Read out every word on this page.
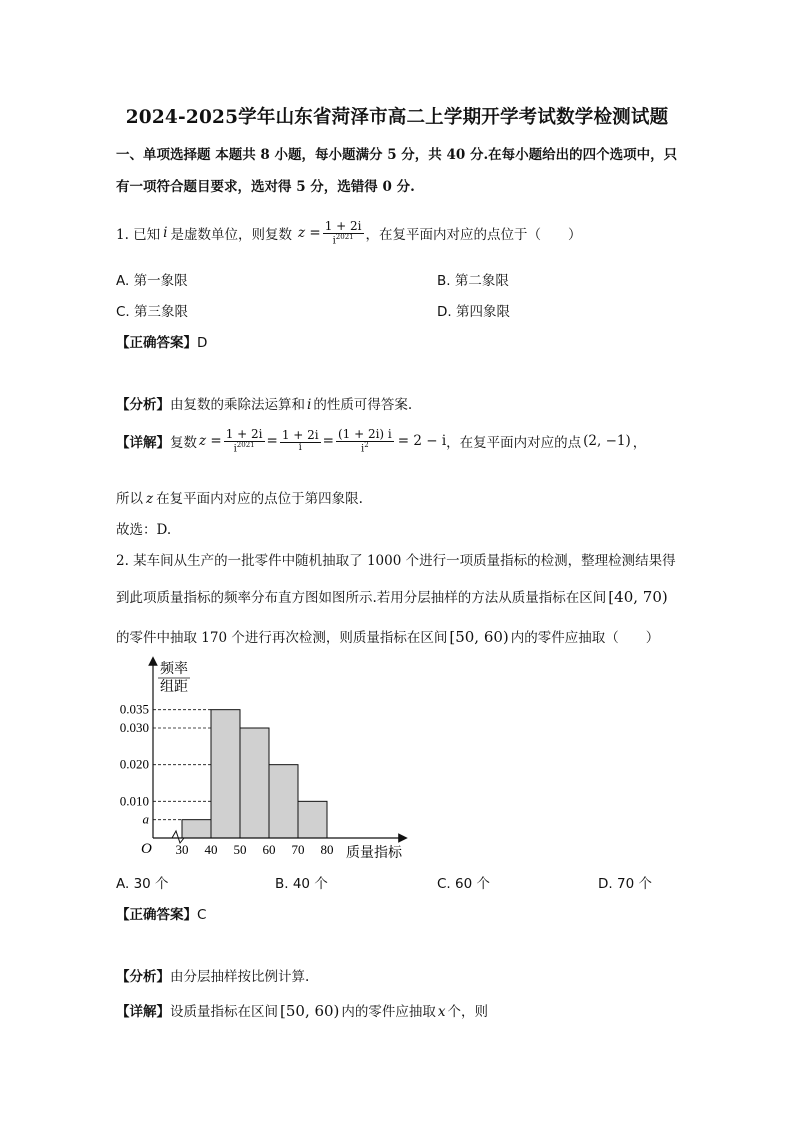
2024-2025学年山东省菏泽市高二上学期开学考试数学检测试题
一、单项选择题 本题共 8 小题，每小题满分 5 分，共 40 分.在每小题给出的四个选项中，只
有一项符合题目要求，选对得 5 分，选错得 0 分.
1. 已知 i 是虚数单位，则复数 $z = \frac{1 + 2i}{i^{2021}}$ ，在复平面内对应的点位于（　　）
A. 第一象限	B. 第二象限
C. 第三象限	D. 第四象限
【正确答案】D
【分析】由复数的乘除法运算和 i 的性质可得答案.
【详解】 复数 $z = \frac{1 + 2i}{i^{2021}} = \frac{1 + 2i}{i} = \frac{(1 + 2i) i}{i^2} = 2 - i$ ，在复平面内对应的点 (2, −1) ，
所以 z 在复平面内对应的点位于第四象限.
故选：D.
2. 某车间从生产的一批零件中随机抽取了 1000 个进行一项质量指标的检测，整理检测结果得
到此项质量指标的频率分布直方图如图所示.若用分层抽样的方法从质量指标在区间 [40, 70)
的零件中抽取 170 个进行再次检测，则质量指标在区间 [50, 60) 内的零件应抽取（　　）
频率
组距
O	质量指标
a
0.010
0.020
0.030
0.035
30 40 50 60 70 80
A. 30 个	B. 40 个	C. 60 个	D. 70 个
【正确答案】C
【分析】由分层抽样按比例计算.
【详解】设质量指标在区间 [50, 60) 内的零件应抽取 x 个，则
